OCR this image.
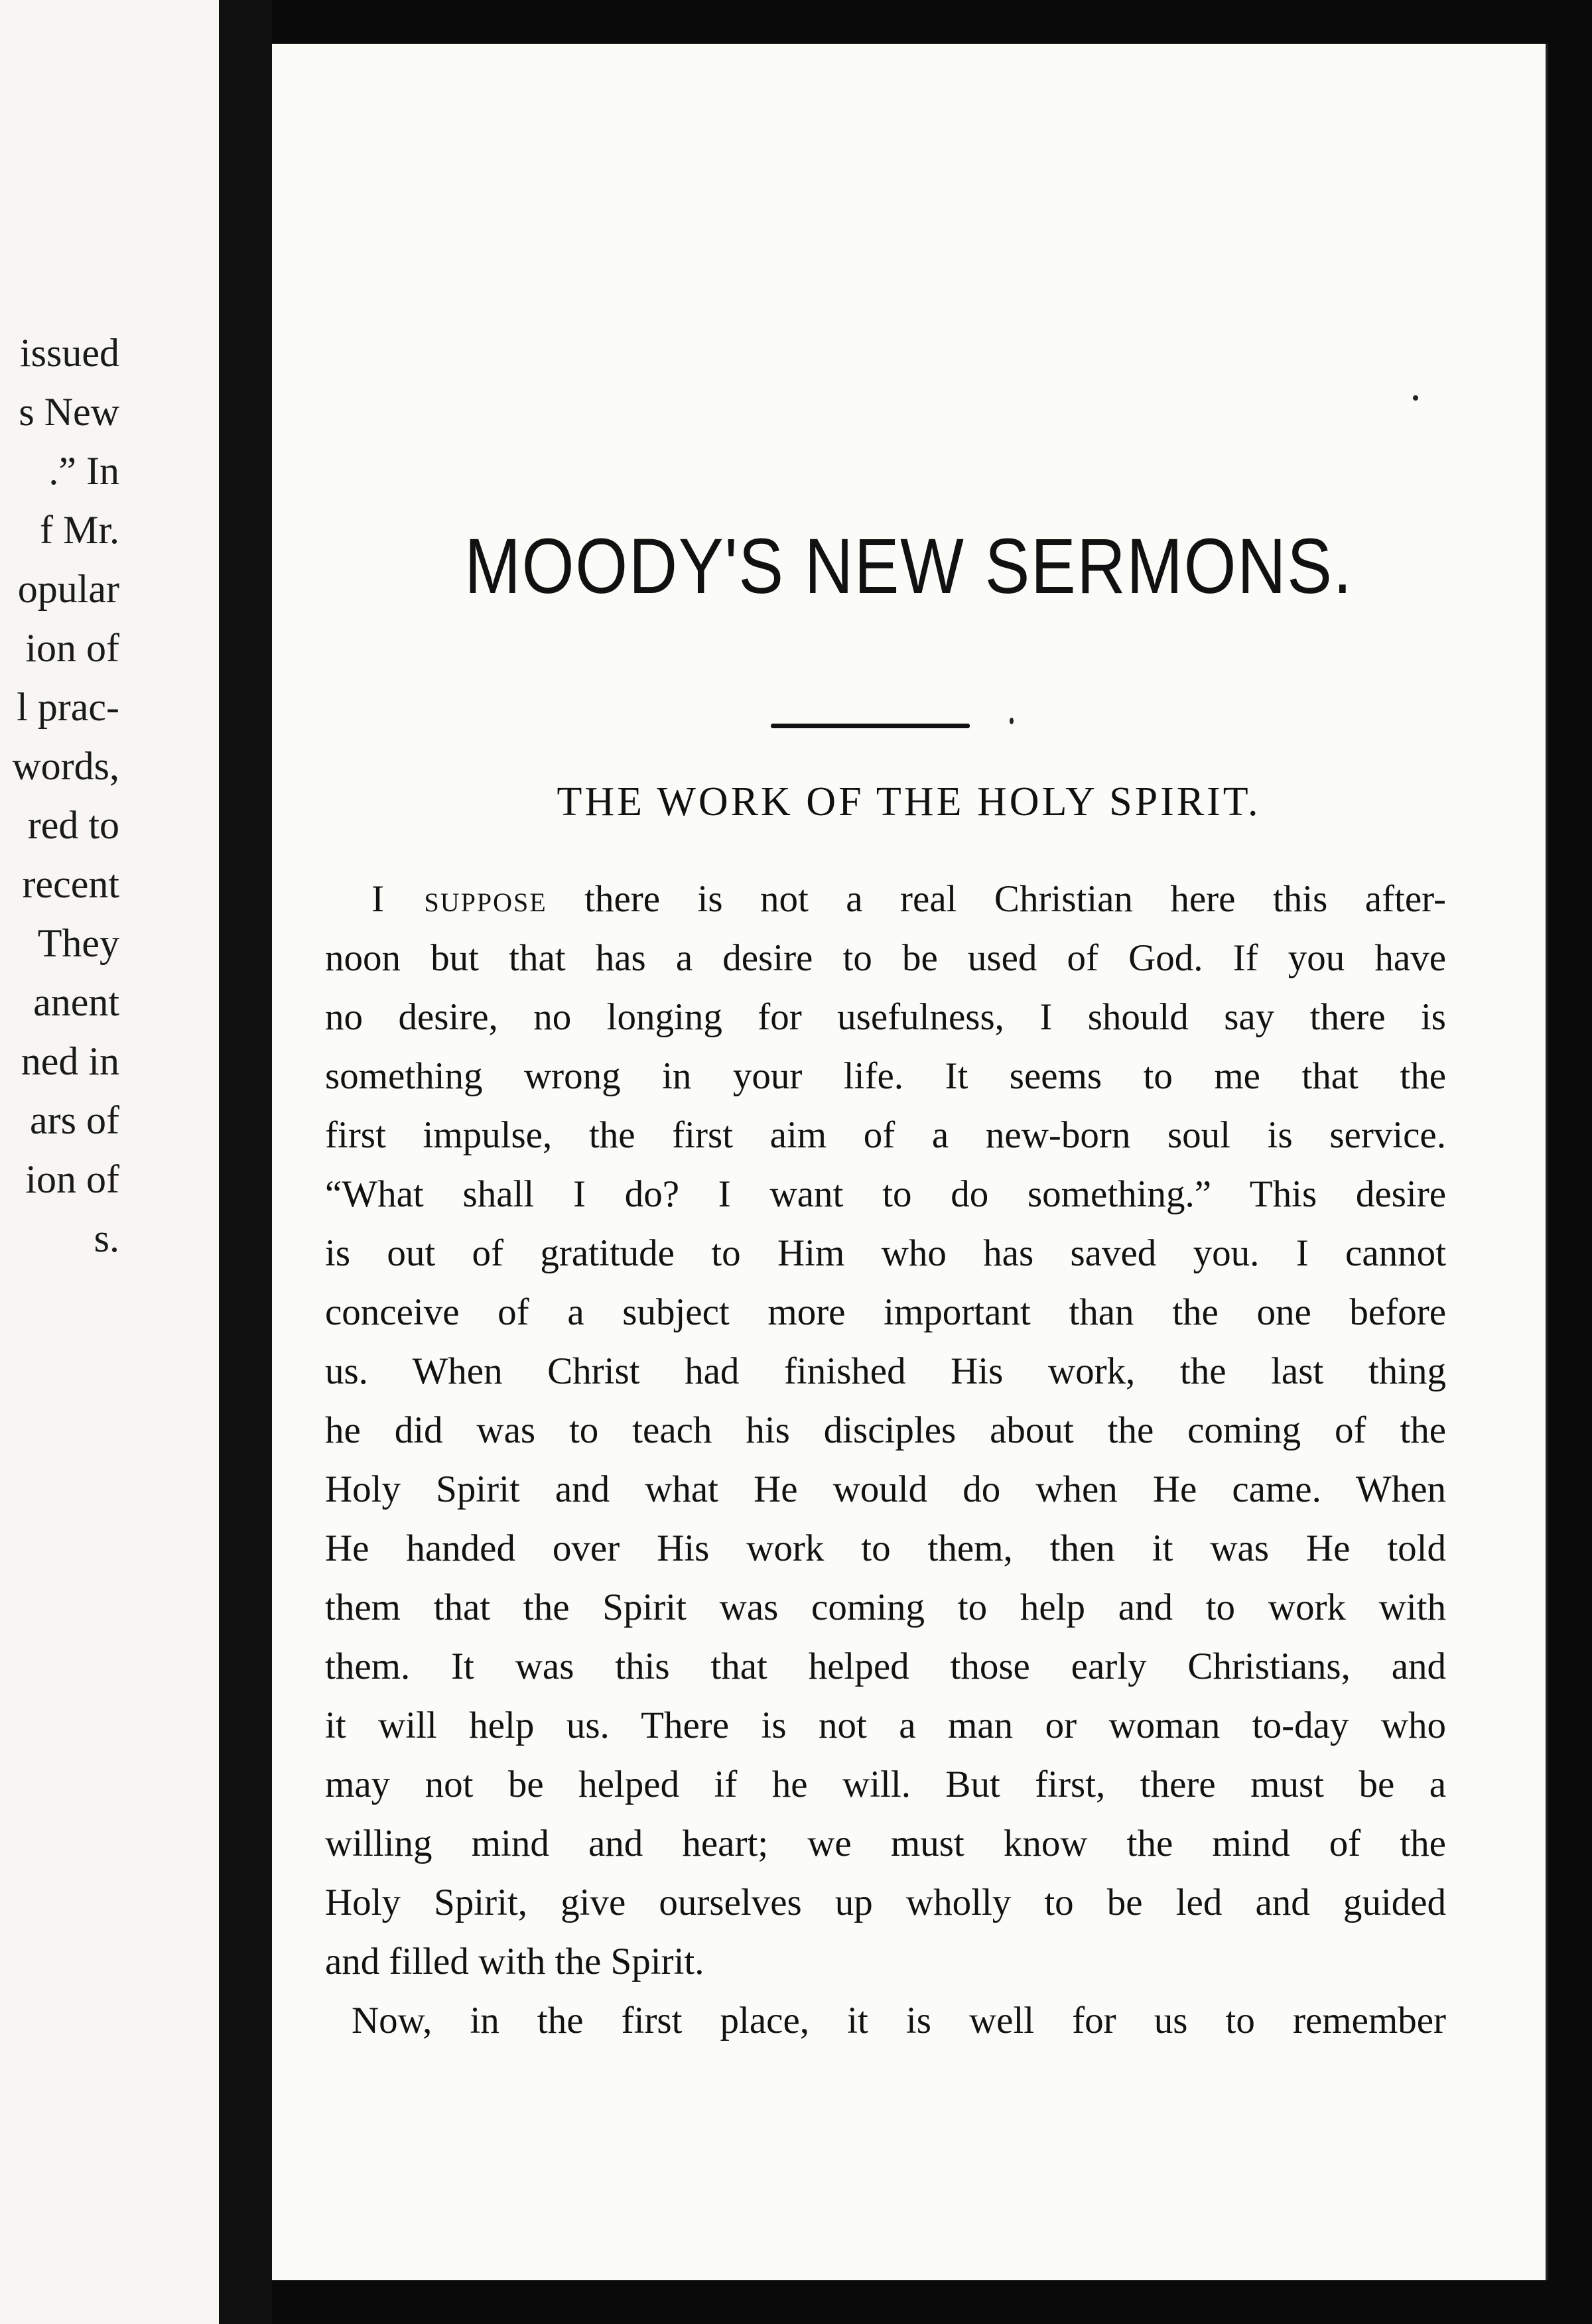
issued
s New
.” In
f Mr.
opular
ion of
l prac-
words,
red to
recent
They
anent
ned in
ars of
ion of
s.
MOODY'S NEW SERMONS.
THE WORK OF THE HOLY SPIRIT.

I suppose there is not a real Christian here this after-
noon but that has a desire to be used of God. If you have
no desire, no longing for usefulness, I should say there is
something wrong in your life. It seems to me that the
first impulse, the first aim of a new-born soul is service.
“What shall I do? I want to do something.” This desire
is out of gratitude to Him who has saved you. I cannot
conceive of a subject more important than the one before
us. When Christ had finished His work, the last thing
he did was to teach his disciples about the coming of the
Holy Spirit and what He would do when He came. When
He handed over His work to them, then it was He told
them that the Spirit was coming to help and to work with
them. It was this that helped those early Christians, and
it will help us. There is not a man or woman to-day who
may not be helped if he will. But first, there must be a
willing mind and heart; we must know the mind of the
Holy Spirit, give ourselves up wholly to be led and guided
and filled with the Spirit.

Now, in the first place, it is well for us to remember
